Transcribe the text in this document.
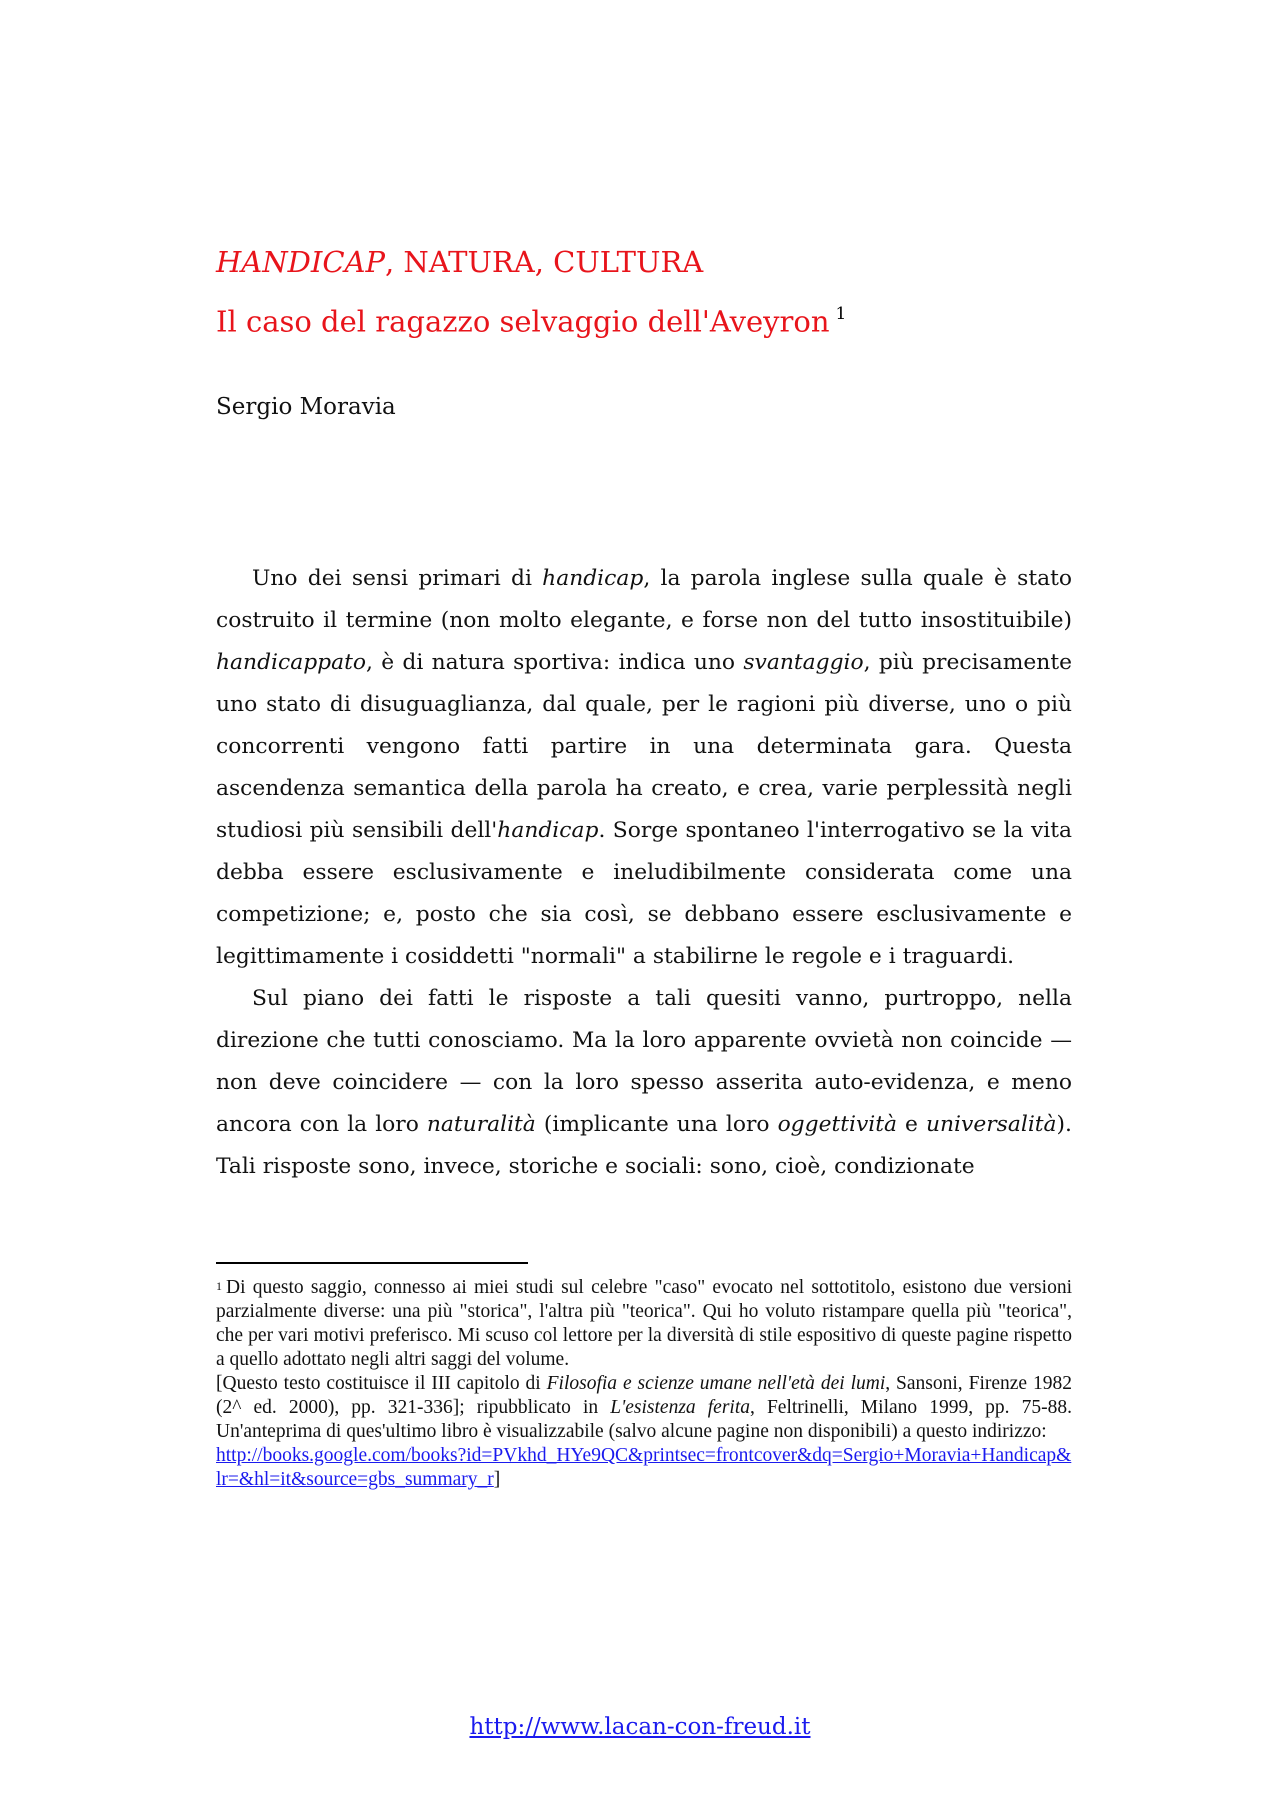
HANDICAP, NATURA, CULTURA

Il caso del ragazzo selvaggio dell'Aveyron $^1$

Sergio Moravia

Uno dei sensi primari di handicap, la parola inglese sulla quale è stato costruito il termine (non molto elegante, e forse non del tutto insostituibile) handicappato, è di natura sportiva: indica uno svantaggio, più precisamente uno stato di disuguaglianza, dal quale, per le ragioni più diverse, uno o più concorrenti vengono fatti partire in una determinata gara. Questa ascendenza semantica della parola ha creato, e crea, varie perplessità negli studiosi più sensibili dell'handicap. Sorge spontaneo l'interrogativo se la vita debba essere esclusivamente e ineludibilmente considerata come una competizione; e, posto che sia così, se debbano essere esclusivamente e legittimamente i cosiddetti "normali" a stabilirne le regole e i traguardi.

Sul piano dei fatti le risposte a tali quesiti vanno, purtroppo, nella direzione che tutti conosciamo. Ma la loro apparente ovvietà non coincide — non deve coincidere — con la loro spesso asserita auto-evidenza, e meno ancora con la loro naturalità (implicante una loro oggettività e universalità). Tali risposte sono, invece, storiche e sociali: sono, cioè, condizionate

$^1$ Di questo saggio, connesso ai miei studi sul celebre "caso" evocato nel sottotitolo, esistono due versioni parzialmente diverse: una più "storica", l'altra più "teorica". Qui ho voluto ristampare quella più "teorica", che per vari motivi preferisco. Mi scuso col lettore per la diversità di stile espositivo di queste pagine rispetto a quello adottato negli altri saggi del volume.

[Questo testo costituisce il III capitolo di Filosofia e scienze umane nell'età dei lumi, Sansoni, Firenze 1982 (2^ ed. 2000), pp. 321-336]; ripubblicato in L'esistenza ferita, Feltrinelli, Milano 1999, pp. 75-88. Un'anteprima di ques'ultimo libro è visualizzabile (salvo alcune pagine non disponibili) a questo indirizzo:
http://books.google.com/books?id=PVkhd_HYe9QC&printsec=frontcover&dq=Sergio+Moravia+Handicap&lr=&hl=it&source=gbs_summary_r]

http://www.lacan-con-freud.it
